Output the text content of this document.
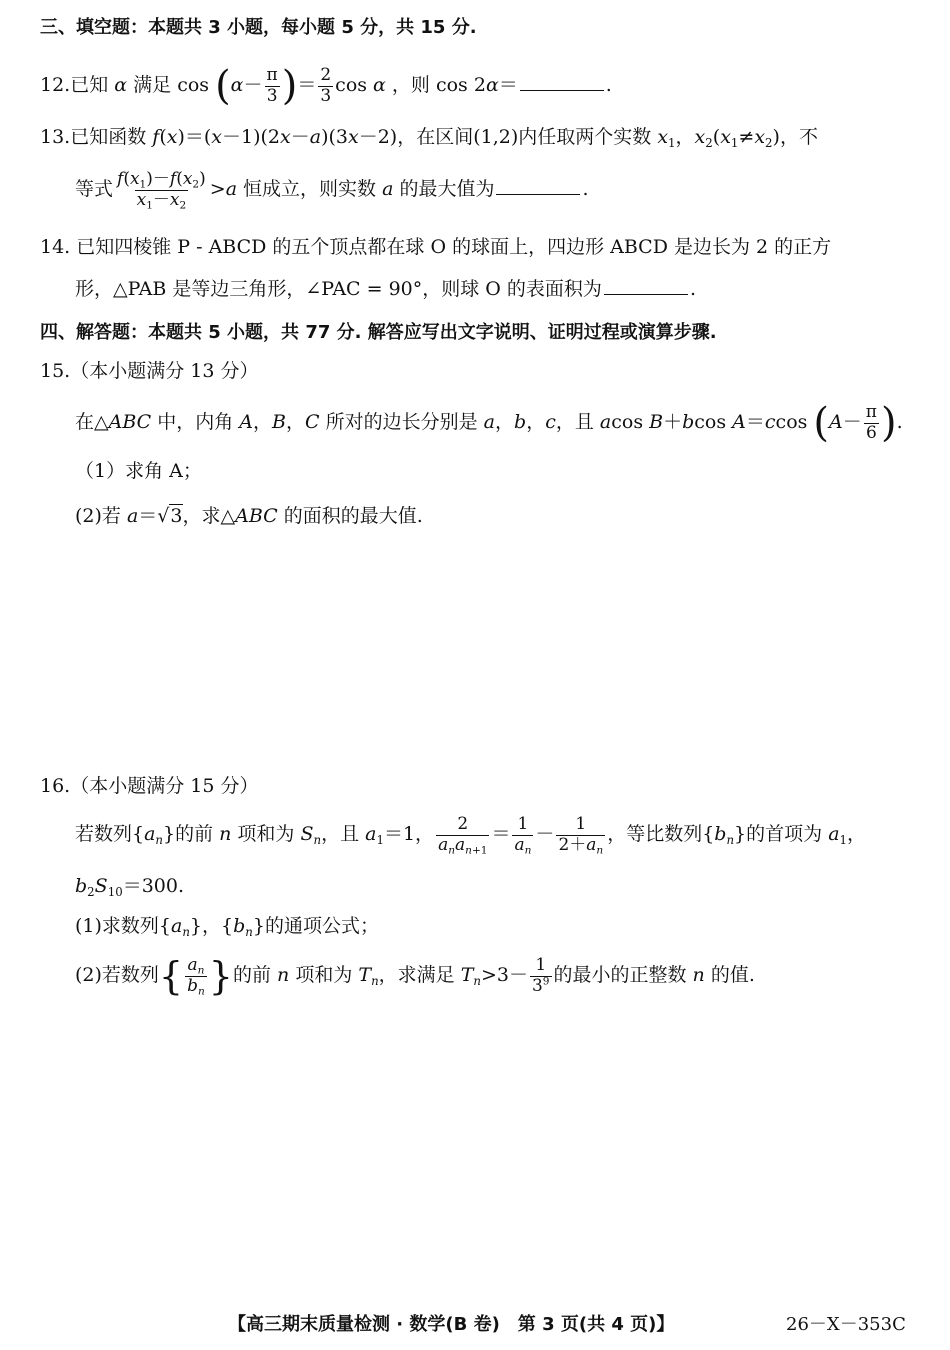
三、填空题：本题共 3 小题，每小题 5 分，共 15 分.
12.已知 α 满足 $\cos (\alpha- \frac{\pi}{3}$ )＝ $\frac{2}{3}$ cos α ，则 cos 2α＝	.
13.已知函数 f(x)＝(x－1)(2x－a)(3x－2)，在区间(1,2)内任取两个实数 $x_1$，$x_2(x_1\ne x_2)$，不
等式 $\frac{f(x_1)-f(x_2)}{x_1-x_2} >a$ 恒成立，则实数 a 的最大值为	.
14. 已知四棱锥 P - ABCD 的五个顶点都在球 O 的球面上，四边形 ABCD 是边长为 2 的正方
形，△PAB 是等边三角形，∠PAC = 90°，则球 O 的表面积为	.
四、解答题：本题共 5 小题，共 77 分. 解答应写出文字说明、证明过程或演算步骤.
15.（本小题满分 13 分）
在△ABC 中，内角 A，B，C 所对的边长分别是 a，b，c，且 acos B＋bcos A＝ccos ($A- \frac{\pi}{6}$ ).
（1）求角 A；
(2)若 a＝√3，求△ABC 的面积的最大值.
16.（本小题满分 15 分）
若数列$\{a_n\}$的前 n 项和为 $S_n$，且 $a_1=1$， $\frac{2}{a_na_{n+1}} = \frac{1}{a_n} - \frac{1}{2+a_n}$ ，等比数列$\{b_n\}$的首项为 $a_1$，
$b_2S_{10}=300$.
(1)求数列$\{a_n\}$，$\{b_n\}$的通项公式；
(2)若数列{ $\frac{a_n}{b_n}$ }的前 n 项和为 $T_n$，求满足 $T_n>3- \frac{1}{3^9}$ 的最小的正整数 n 的值.
【高三期末质量检测 · 数学(B 卷)　第 3 页(共 4 页)】	26－X－353C
